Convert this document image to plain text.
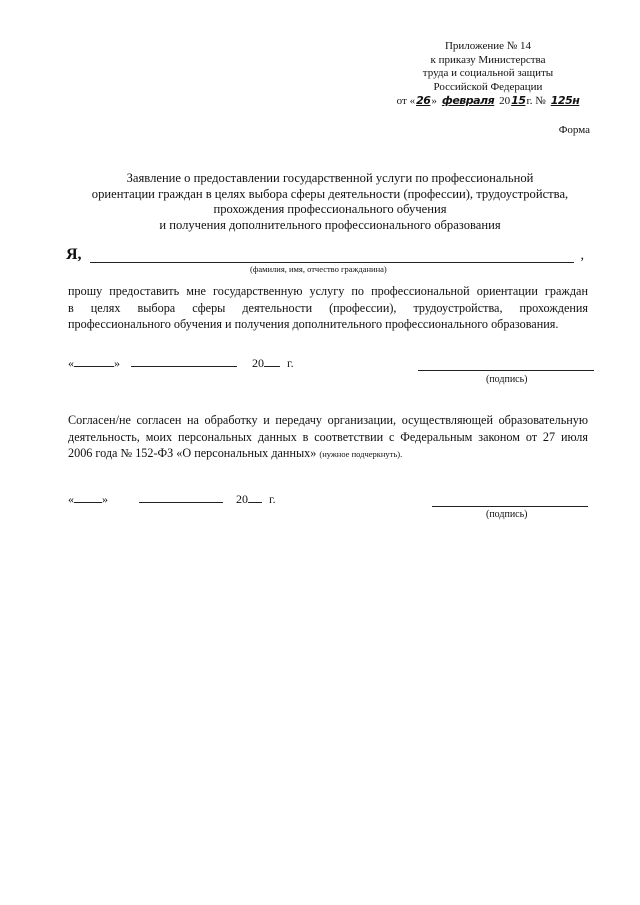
Приложение № 14
к приказу Министерства
труда и социальной защиты
Российской Федерации
от « 26 » февраля 20 15 г. № 125н
Форма
Заявление о предоставлении государственной услуги по профессиональной
ориентации граждан в целях выбора сферы деятельности (профессии), трудоустройства,
прохождения профессионального обучения
и получения дополнительного профессионального образования
Я,	,
(фамилия, имя, отчество гражданина)
прошу предоставить мне государственную услугу по профессиональной ориентации граждан
в целях выбора сферы деятельности (профессии), трудоустройства, прохождения
профессионального обучения и получения дополнительного профессионального образования.
«	»	20 г.
(подпись)
Согласен/не согласен на обработку и передачу организации, осуществляющей образовательную
деятельность, моих персональных данных в соответствии с Федеральным законом от 27 июля
2006 года № 152-ФЗ «О персональных данных» (нужное подчеркнуть).
« »	20 г.
(подпись)
